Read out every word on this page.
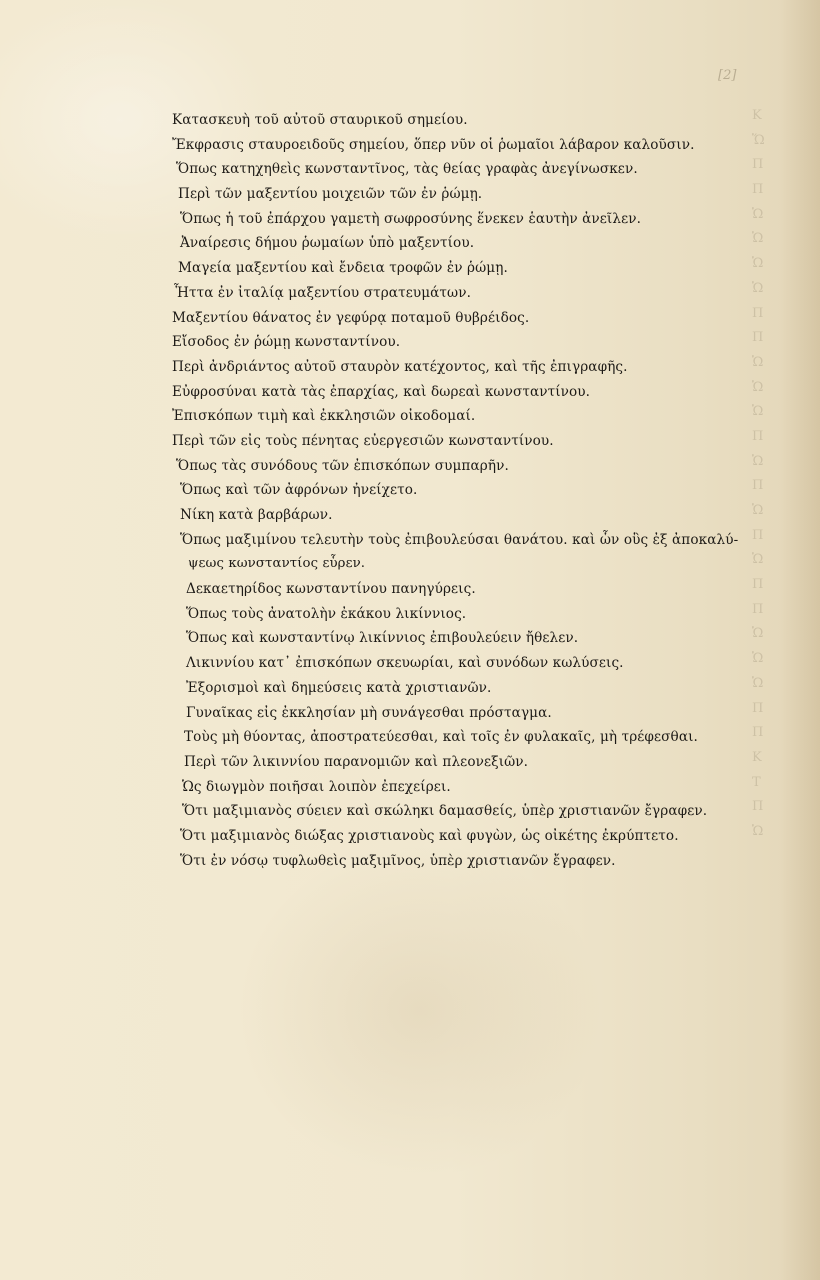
[2]
Κ
Ὥ
Π
Π
Ὡ
Ὡ
Ὡ
Ὡ
Π
Π
Ὡ
Ὡ
Ὡ
Π
Ὡ
Π
Ὡ
Π
Ὡ
Π
Π
Ὡ
Ὡ
Ὡ
Π
Π
Κ
Τ
Π
Ὡ
Κατασκευὴ τοῦ αὐτοῦ σταυρικοῦ σημείου.
Ἔκφρασις σταυροειδοῦς σημείου, ὅπερ νῦν οἱ ῥωμαῖοι λάβαρον καλοῦσιν.
Ὅπως κατηχηθεὶς κωνσταντῖνος, τὰς θείας γραφὰς ἀνεγίνωσκεν.
Περὶ τῶν μαξεντίου μοιχειῶν τῶν ἐν ῥώμῃ.
Ὅπως ἡ τοῦ ἐπάρχου γαμετὴ σωφροσύνης ἕνεκεν ἑαυτὴν ἀνεῖλεν.
Ἀναίρεσις δήμου ῥωμαίων ὑπὸ μαξεντίου.
Μαγεία μαξεντίου καὶ ἔνδεια τροφῶν ἐν ῥώμῃ.
Ἧττα ἐν ἰταλίᾳ μαξεντίου στρατευμάτων.
Μαξεντίου θάνατος ἐν γεφύρᾳ ποταμοῦ θυβρέιδος.
Εἴσοδος ἐν ῥώμῃ κωνσταντίνου.
Περὶ ἀνδριάντος αὐτοῦ σταυρὸν κατέχοντος, καὶ τῆς ἐπιγραφῆς.
Εὐφροσύναι κατὰ τὰς ἐπαρχίας, καὶ δωρεαὶ κωνσταντίνου.
Ἐπισκόπων τιμὴ καὶ ἐκκλησιῶν οἰκοδομαί.
Περὶ τῶν εἰς τοὺς πένητας εὐεργεσιῶν κωνσταντίνου.
Ὅπως τὰς συνόδους τῶν ἐπισκόπων συμπαρῆν.
Ὅπως καὶ τῶν ἀφρόνων ἠνείχετο.
Νίκη κατὰ βαρβάρων.
Ὅπως μαξιμίνου τελευτὴν τοὺς ἐπιβουλεύσαι θανάτου. καὶ ὧν οὓς ἐξ ἀποκαλύ-
ψεως κωνσταντίος εὗρεν.
Δεκαετηρίδος κωνσταντίνου πανηγύρεις.
Ὅπως τοὺς ἀνατολὴν ἐκάκου λικίννιος.
Ὅπως καὶ κωνσταντίνῳ λικίννιος ἐπιβουλεύειν ἤθελεν.
Λικιννίου κατ᾽ ἐπισκόπων σκευωρίαι, καὶ συνόδων κωλύσεις.
Ἐξορισμοὶ καὶ δημεύσεις κατὰ χριστιανῶν.
Γυναῖκας εἰς ἐκκλησίαν μὴ συνάγεσθαι πρόσταγμα.
Τοὺς μὴ θύοντας, ἀποστρατεύεσθαι, καὶ τοῖς ἐν φυλακαῖς, μὴ τρέφεσθαι.
Περὶ τῶν λικιννίου παρανομιῶν καὶ πλεονεξιῶν.
Ὡς διωγμὸν ποιῆσαι λοιπὸν ἐπεχείρει.
Ὅτι μαξιμιανὸς σύειεν καὶ σκώληκι δαμασθείς, ὑπὲρ χριστιανῶν ἔγραφεν.
Ὅτι μαξιμιανὸς διώξας χριστιανοὺς καὶ φυγὼν, ὡς οἰκέτης ἐκρύπτετο.
Ὅτι ἐν νόσῳ τυφλωθεὶς μαξιμῖνος, ὑπὲρ χριστιανῶν ἔγραφεν.
